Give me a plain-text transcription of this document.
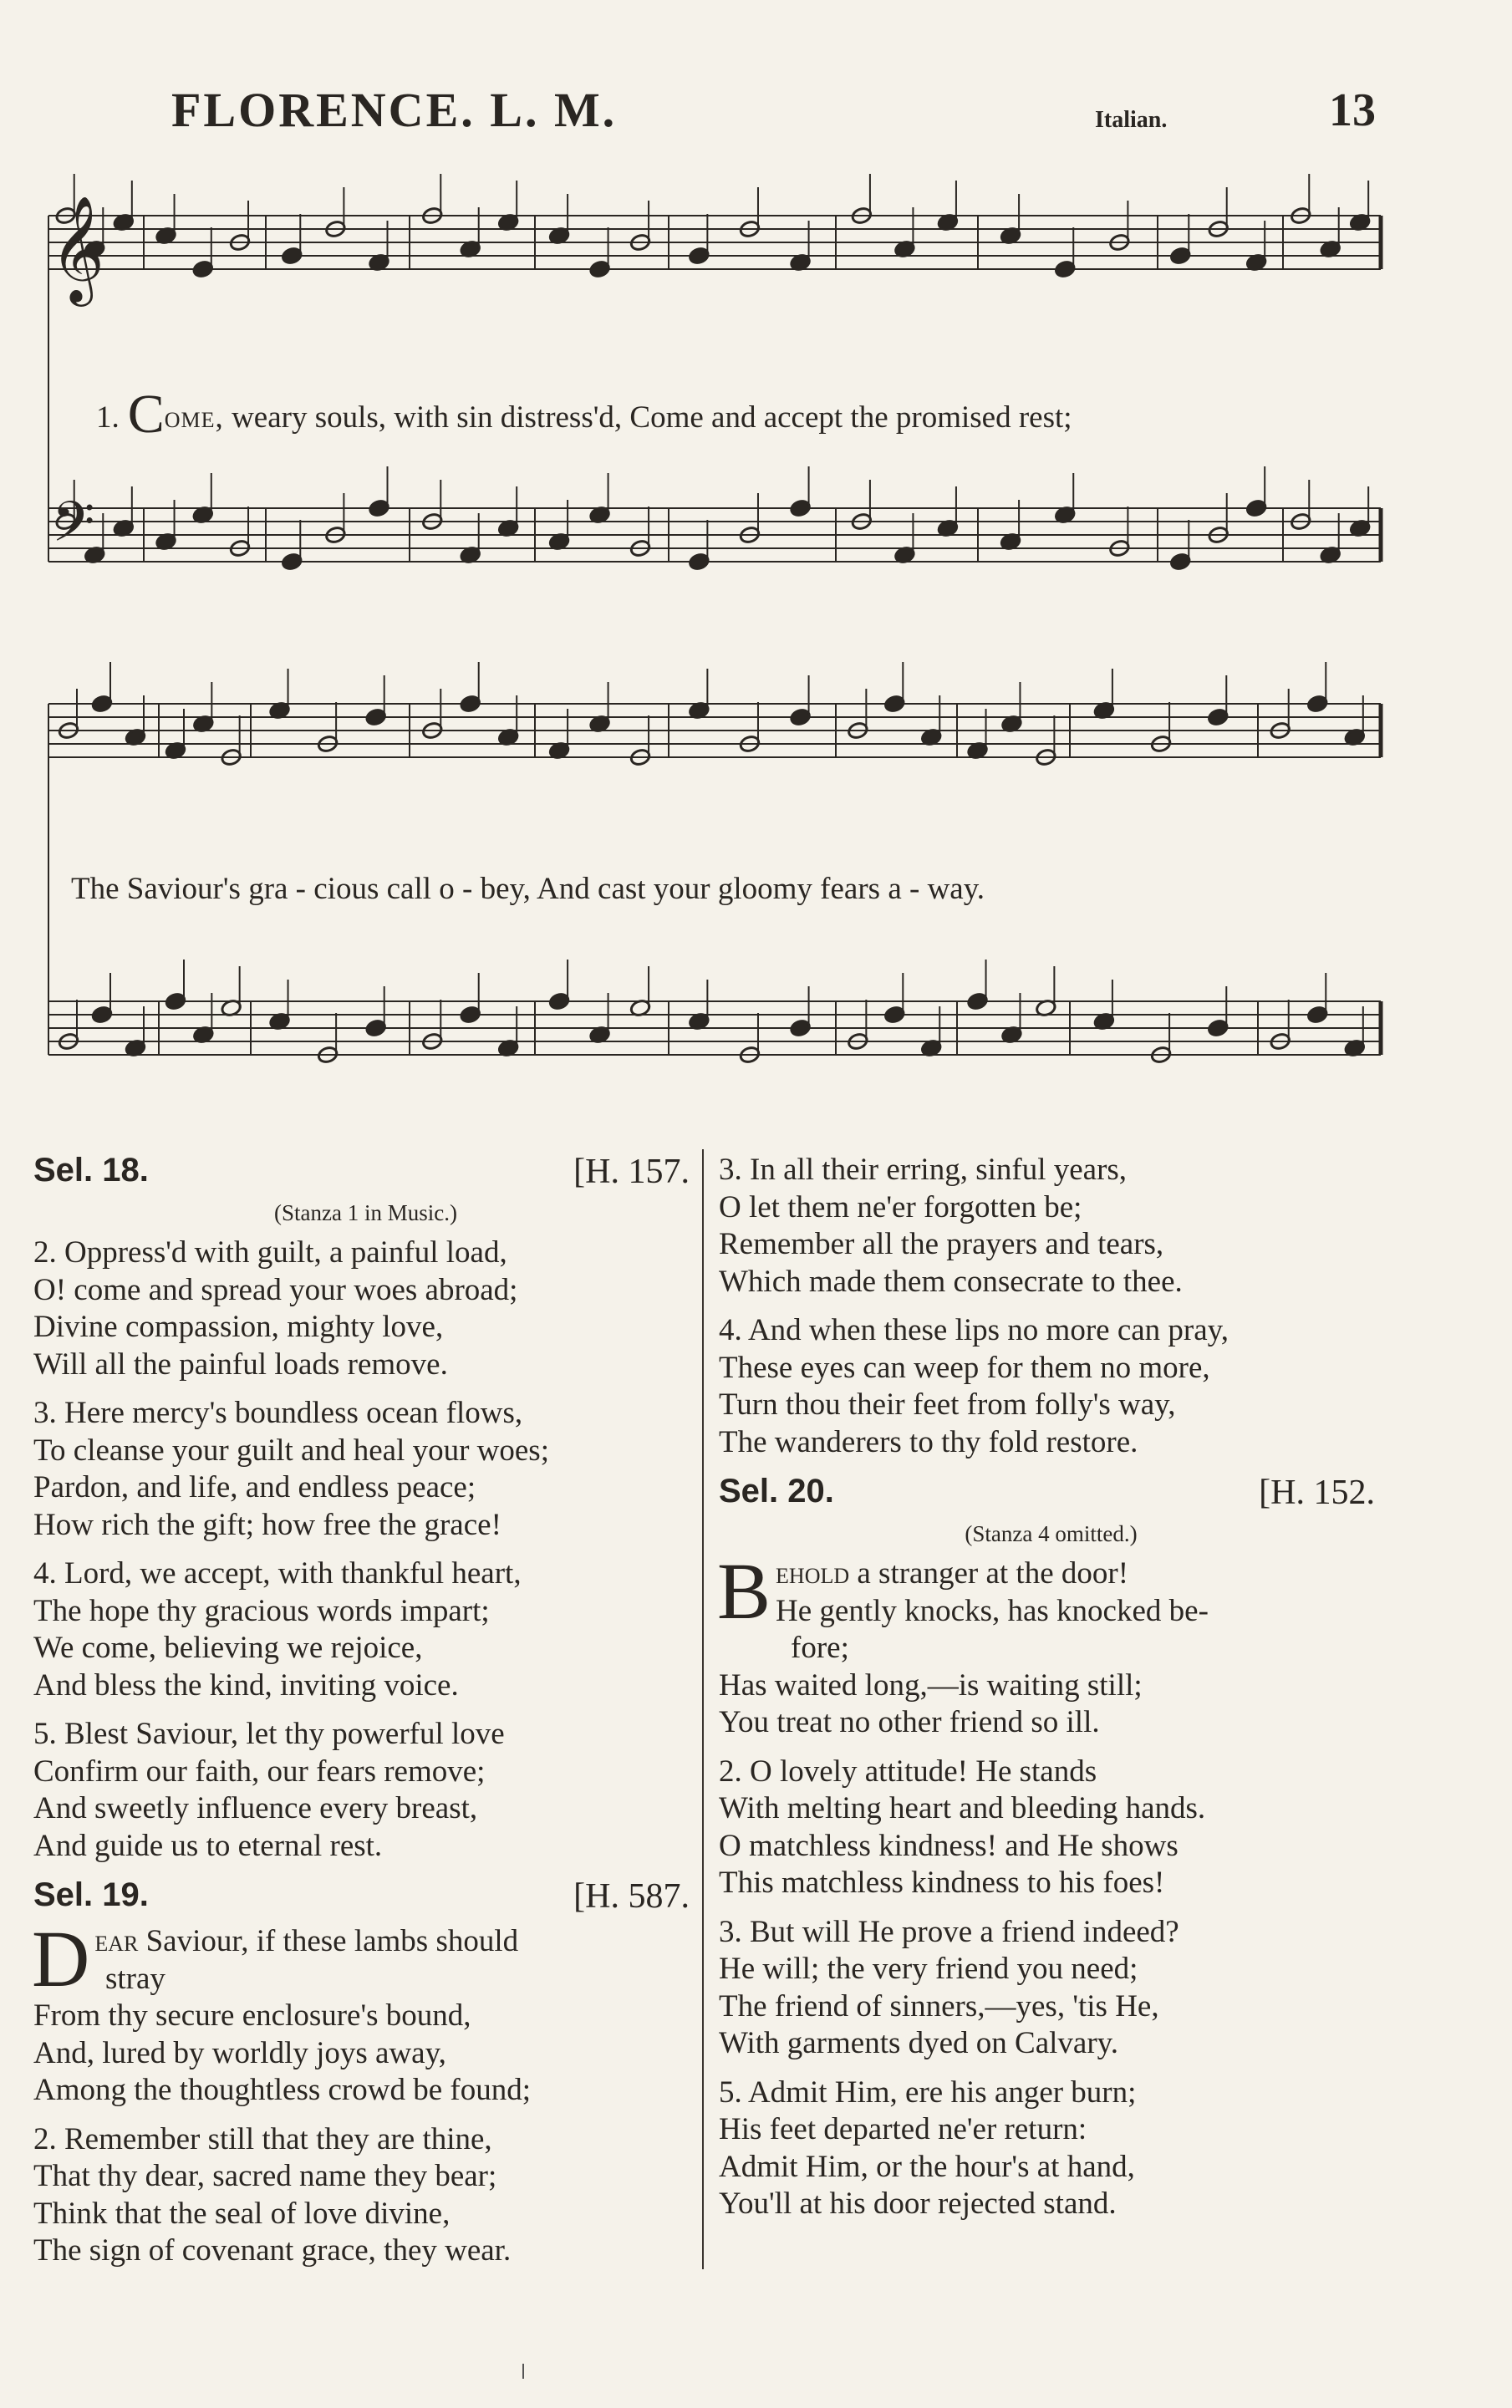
FLORENCE. L. M.	Italian.	13
𝄞
𝄢
1. Come, weary souls, with sin distress'd, Come and accept the promised rest;
The Saviour's gra - cious call o - bey, And cast your gloomy fears a - way.
Sel. 18.	[H. 157.
(Stanza 1 in Music.)
2. Oppress'd with guilt, a painful load,
O! come and spread your woes abroad;
Divine compassion, mighty love,
Will all the painful loads remove.
3. Here mercy's boundless ocean flows,
To cleanse your guilt and heal your woes;
Pardon, and life, and endless peace;
How rich the gift; how free the grace!
4. Lord, we accept, with thankful heart,
The hope thy gracious words impart;
We come, believing we rejoice,
And bless the kind, inviting voice.
5. Blest Saviour, let thy powerful love
Confirm our faith, our fears remove;
And sweetly influence every breast,
And guide us to eternal rest.
Sel. 19.	[H. 587.
D ear Saviour, if these lambs should
stray
From thy secure enclosure's bound,
And, lured by worldly joys away,
Among the thoughtless crowd be found;
2. Remember still that they are thine,
That thy dear, sacred name they bear;
Think that the seal of love divine,
The sign of covenant grace, they wear.
3. In all their erring, sinful years,
O let them ne'er forgotten be;
Remember all the prayers and tears,
Which made them consecrate to thee.
4. And when these lips no more can pray,
These eyes can weep for them no more,
Turn thou their feet from folly's way,
The wanderers to thy fold restore.
Sel. 20.	[H. 152.
(Stanza 4 omitted.)
B ehold a stranger at the door!
He gently knocks, has knocked be-
fore;
Has waited long,—is waiting still;
You treat no other friend so ill.
2. O lovely attitude! He stands
With melting heart and bleeding hands.
O matchless kindness! and He shows
This matchless kindness to his foes!
3. But will He prove a friend indeed?
He will; the very friend you need;
The friend of sinners,—yes, 'tis He,
With garments dyed on Calvary.
5. Admit Him, ere his anger burn;
His feet departed ne'er return:
Admit Him, or the hour's at hand,
You'll at his door rejected stand.
